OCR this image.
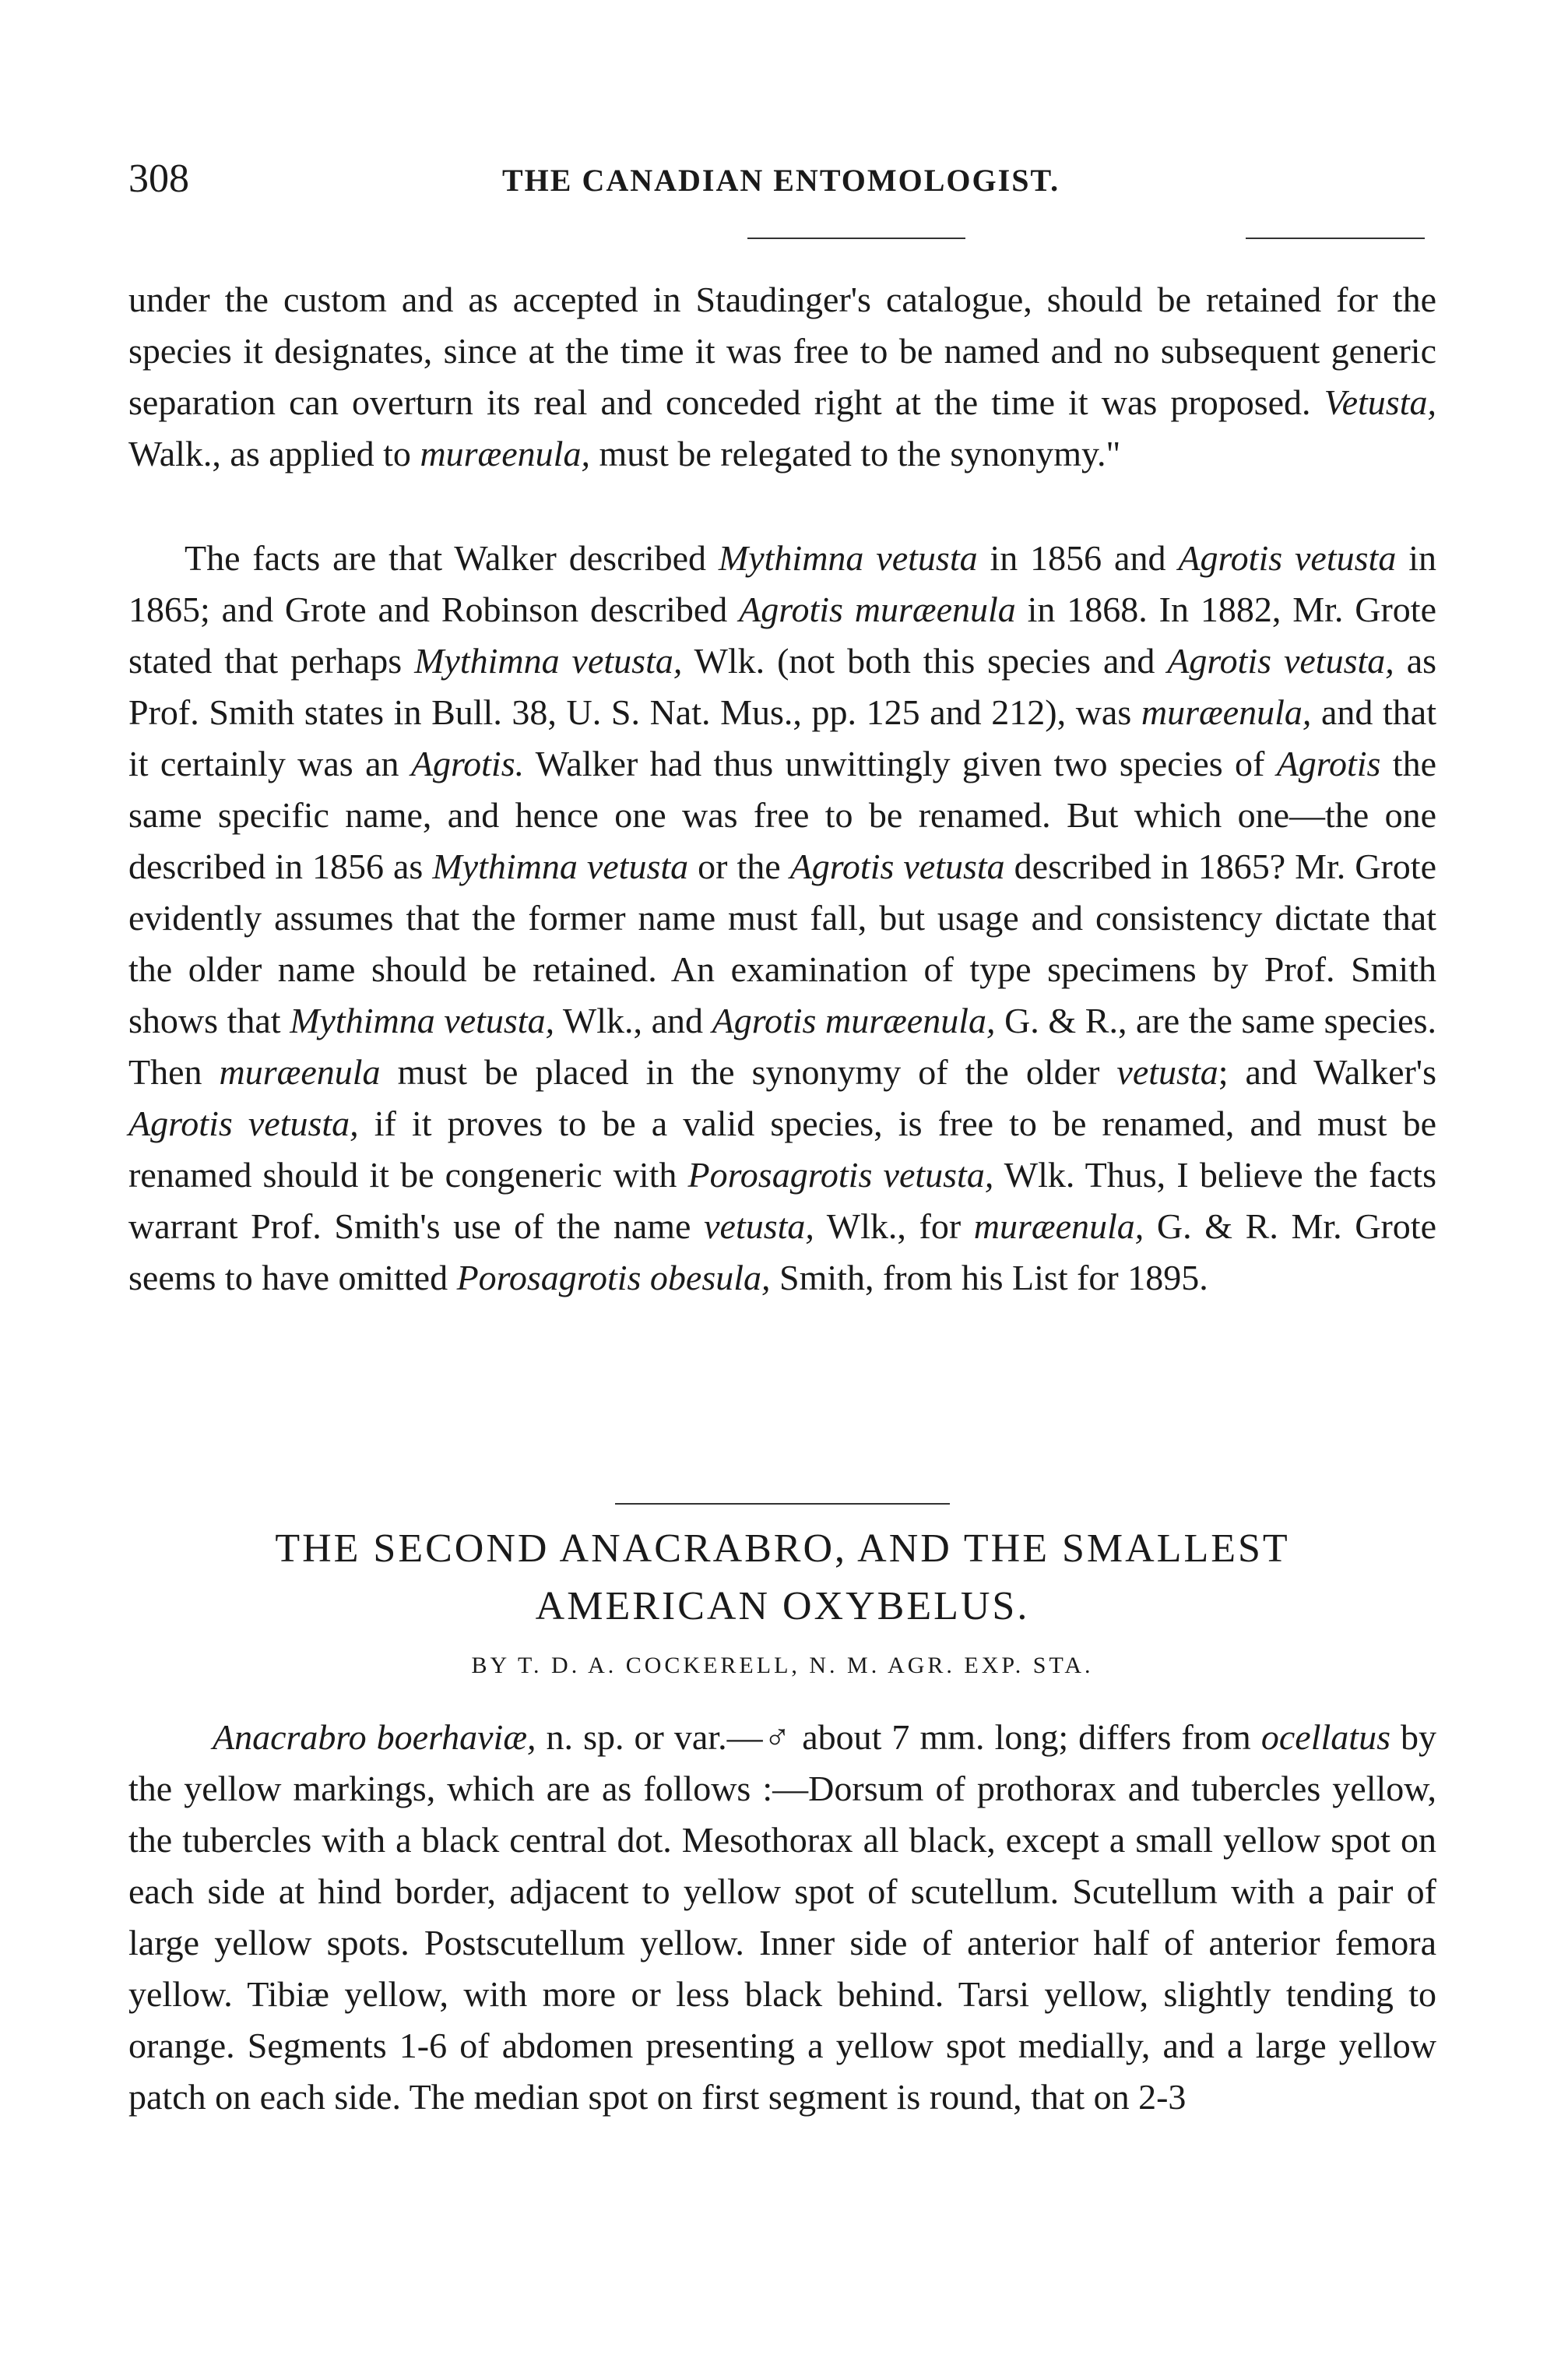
308	THE CANADIAN ENTOMOLOGIST.

under the custom and as accepted in Staudinger's catalogue, should be retained for the species it designates, since at the time it was free to be named and no subsequent generic separation can overturn its real and conceded right at the time it was proposed. Vetusta, Walk., as applied to muræenula, must be relegated to the synonymy."

The facts are that Walker described Mythimna vetusta in 1856 and Agrotis vetusta in 1865; and Grote and Robinson described Agrotis muræenula in 1868. In 1882, Mr. Grote stated that perhaps Mythimna vetusta, Wlk. (not both this species and Agrotis vetusta, as Prof. Smith states in Bull. 38, U. S. Nat. Mus., pp. 125 and 212), was muræenula, and that it certainly was an Agrotis. Walker had thus unwittingly given two species of Agrotis the same specific name, and hence one was free to be renamed. But which one—the one described in 1856 as Mythimna vetusta or the Agrotis vetusta described in 1865? Mr. Grote evidently assumes that the former name must fall, but usage and consistency dictate that the older name should be retained. An examination of type specimens by Prof. Smith shows that Mythimna vetusta, Wlk., and Agrotis muræenula, G. & R., are the same species. Then muræenula must be placed in the synonymy of the older vetusta; and Walker's Agrotis vetusta, if it proves to be a valid species, is free to be renamed, and must be renamed should it be congeneric with Porosagrotis vetusta, Wlk. Thus, I believe the facts warrant Prof. Smith's use of the name vetusta, Wlk., for muræenula, G. & R. Mr. Grote seems to have omitted Porosagrotis obesula, Smith, from his List for 1895.

THE SECOND ANACRABRO, AND THE SMALLEST
AMERICAN OXYBELUS.
BY T. D. A. COCKERELL, N. M. AGR. EXP. STA.

Anacrabro boerhaviæ, n. sp. or var.—♂ about 7 mm. long; differs from ocellatus by the yellow markings, which are as follows :—Dorsum of prothorax and tubercles yellow, the tubercles with a black central dot. Mesothorax all black, except a small yellow spot on each side at hind border, adjacent to yellow spot of scutellum. Scutellum with a pair of large yellow spots. Postscutellum yellow. Inner side of anterior half of anterior femora yellow. Tibiæ yellow, with more or less black behind. Tarsi yellow, slightly tending to orange. Segments 1-6 of abdomen presenting a yellow spot medially, and a large yellow patch on each side. The median spot on first segment is round, that on 2-3
